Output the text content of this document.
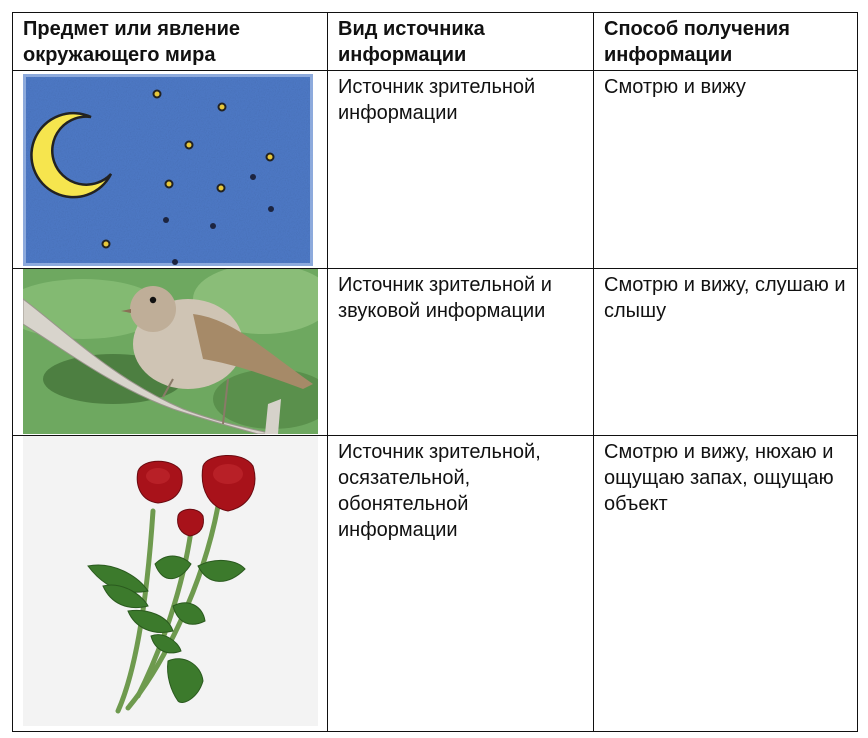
Предмет или явление окружающего мира	Вид источника информации	Способ получения информации

	Источник зрительной информации	Смотрю и вижу

	Источник зрительной и звуковой информации	Смотрю и вижу, слушаю и слышу

	Источник зрительной, осязательной, обонятельной информации	Смотрю и вижу, нюхаю и ощущаю запах, ощущаю объект
